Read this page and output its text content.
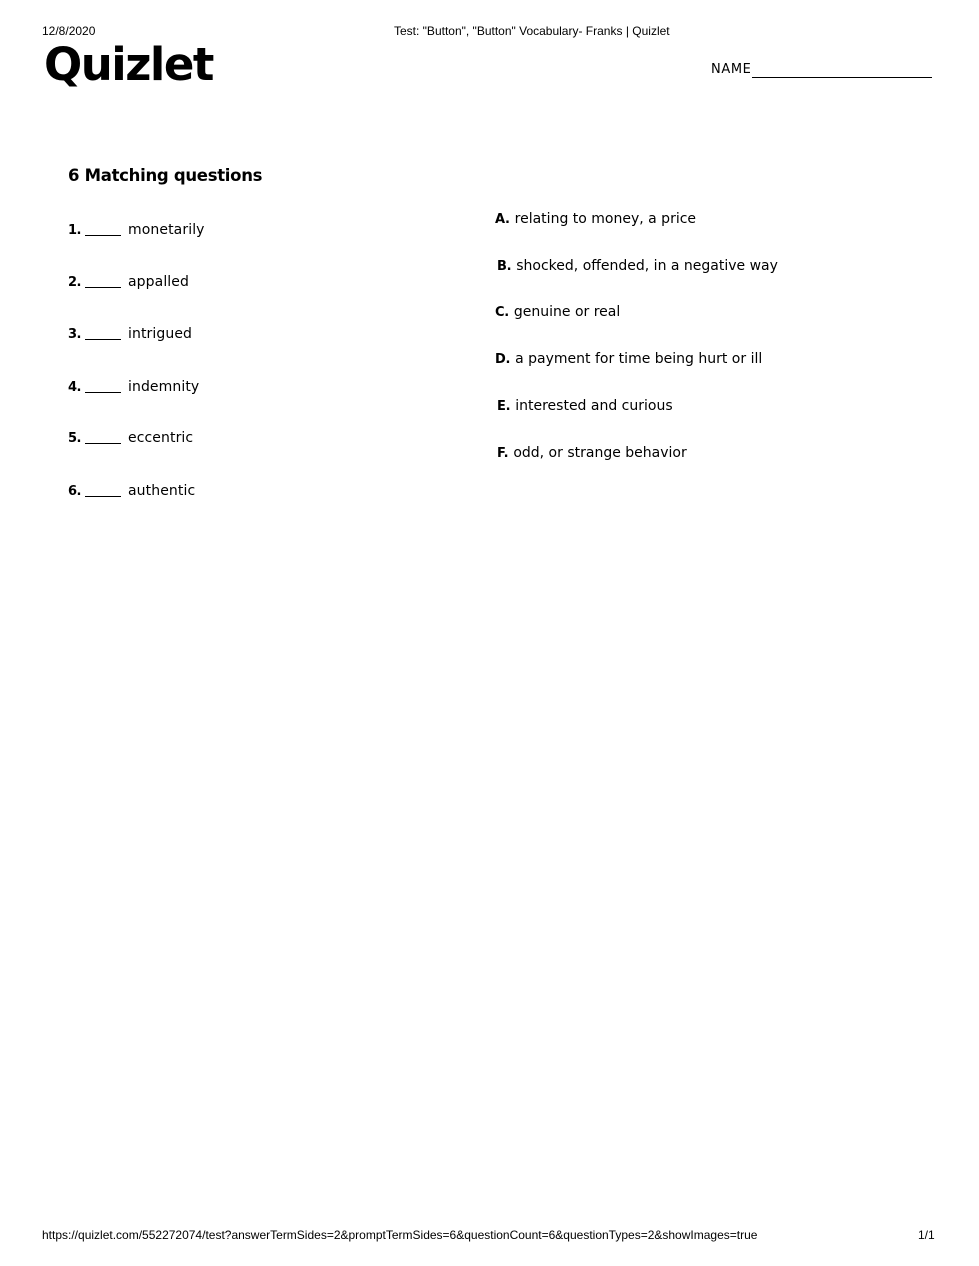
12/8/2020	Test: "Button", "Button" Vocabulary- Franks | Quizlet
Quizlet	NAME
6 Matching questions
1.	monetarily
2.	appalled
3.	intrigued
4.	indemnity
5.	eccentric
6.	authentic
A. relating to money, a price
B. shocked, offended, in a negative way
C. genuine or real
D. a payment for time being hurt or ill
E. interested and curious
F. odd, or strange behavior
https://quizlet.com/552272074/test?answerTermSides=2&promptTermSides=6&questionCount=6&questionTypes=2&showImages=true	1/1
